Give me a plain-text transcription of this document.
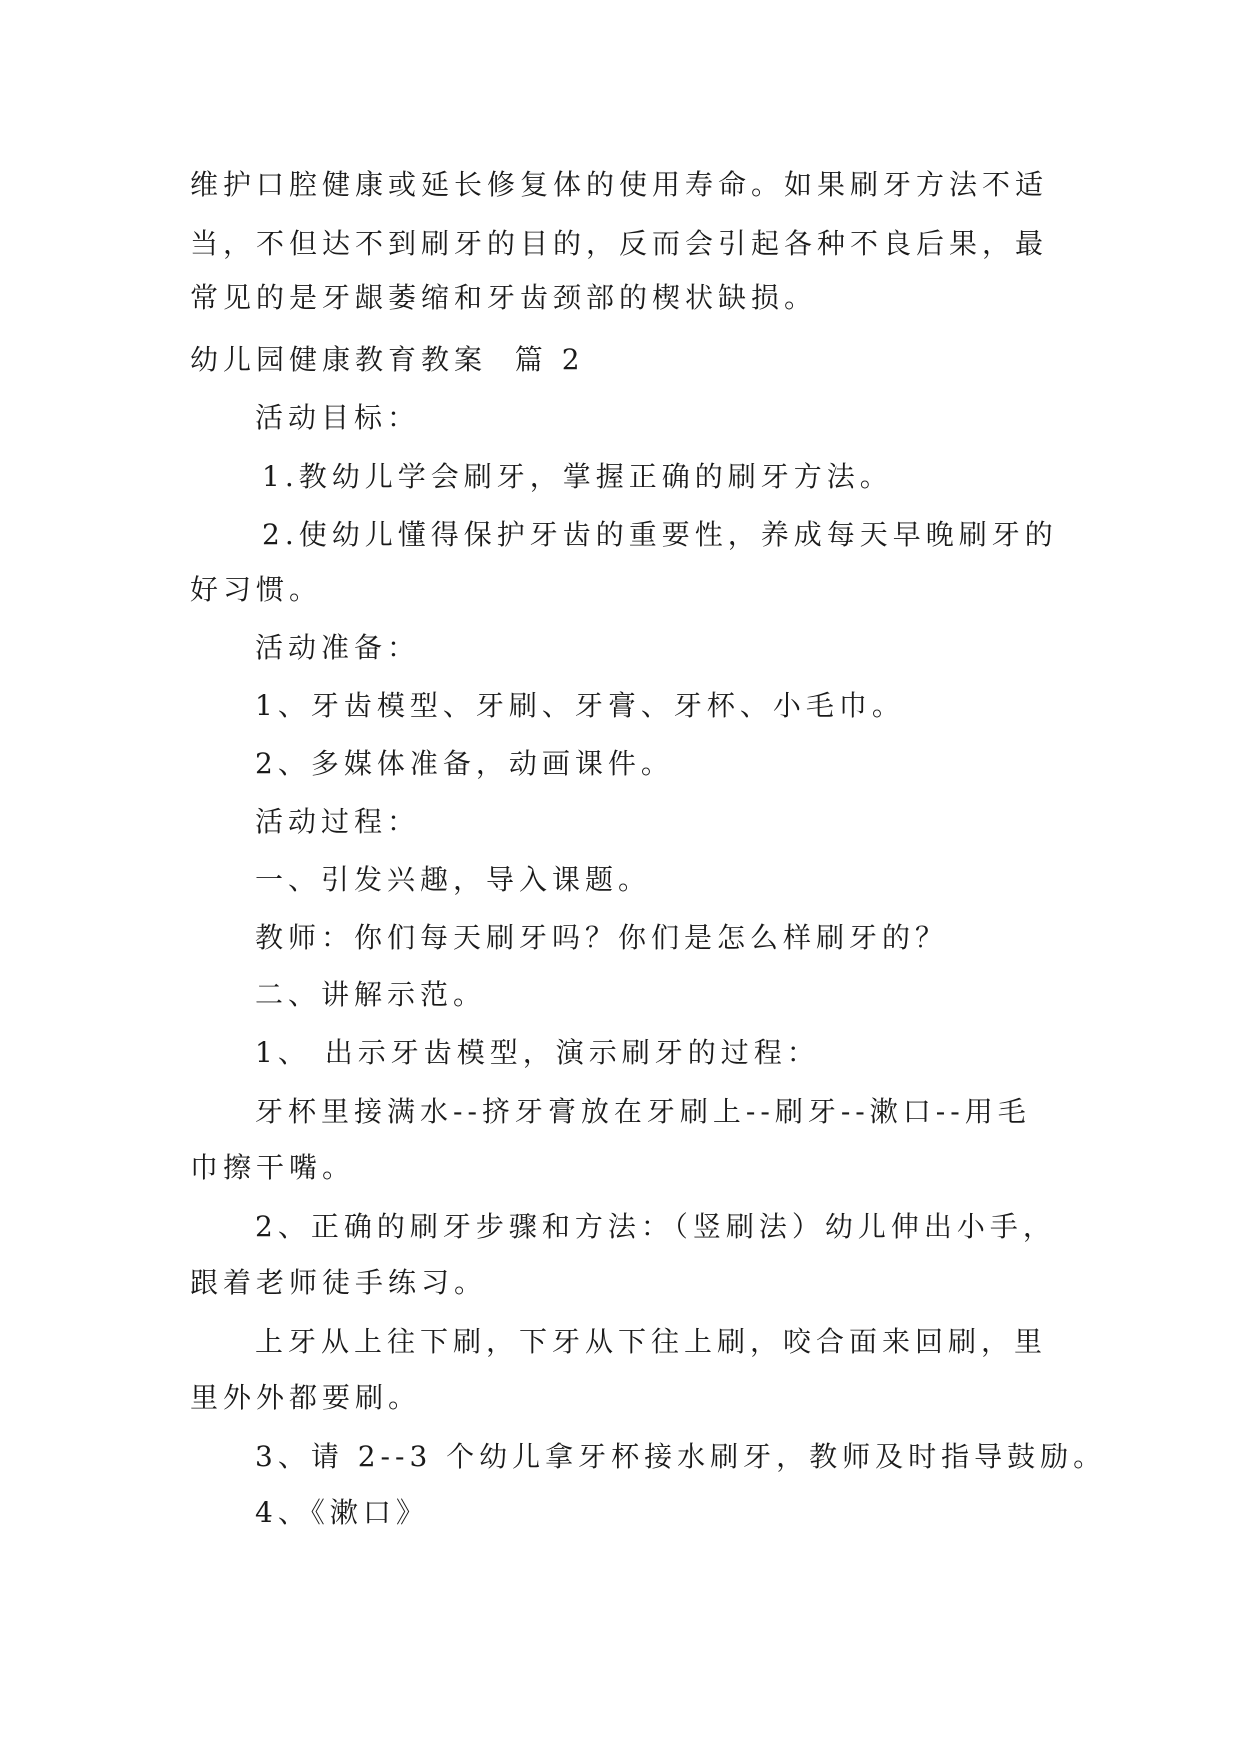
维护口腔健康或延长修复体的使用寿命。如果刷牙方法不适
当，不但达不到刷牙的目的，反而会引起各种不良后果，最
常见的是牙龈萎缩和牙齿颈部的楔状缺损。
幼儿园健康教育教案  篇 2
活动目标：
1.教幼儿学会刷牙，掌握正确的刷牙方法。
2.使幼儿懂得保护牙齿的重要性，养成每天早晚刷牙的
好习惯。
活动准备：
1、牙齿模型、牙刷、牙膏、牙杯、小毛巾。
2、多媒体准备，动画课件。
活动过程：
一、引发兴趣，导入课题。
教师：你们每天刷牙吗？你们是怎么样刷牙的？
二、讲解示范。
1、 出示牙齿模型，演示刷牙的过程：
牙杯里接满水--挤牙膏放在牙刷上--刷牙--漱口--用毛
巾擦干嘴。
2、正确的刷牙步骤和方法：（竖刷法）幼儿伸出小手，
跟着老师徒手练习。
上牙从上往下刷，下牙从下往上刷，咬合面来回刷，里
里外外都要刷。
3、请 2--3 个幼儿拿牙杯接水刷牙，教师及时指导鼓励。
4、《漱口》
